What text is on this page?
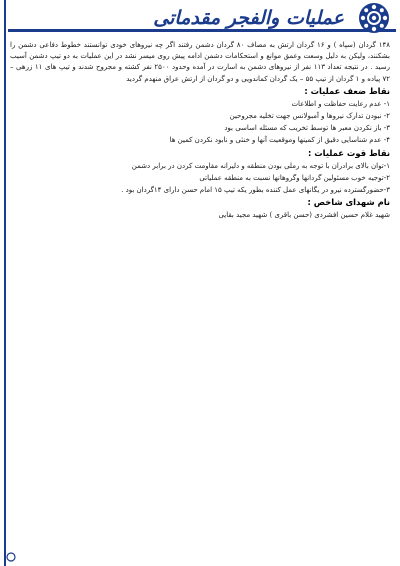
عملیات والفجر مقدماتی

۱۴۸ گردان (سپاه ) و ۱۶ گردان ارتش به مصاف ۸۰ گردان دشمن رفتند اگر چه نیروهای خودی توانستند خطوط دفاعی دشمن را بشکنند، ولیکن به دلیل وسعت وعمق موانع و استحکامات دشمن ادامه پیش روی میسر نشد در این عملیات به دو تیپ دشمن آسیب رسید . در نتیجه تعداد ۱۱۳ نفر از نیروهای دشمن به اسارت در آمده وحدود ۲۵۰۰ نفر کشته و مجروح شدند و تیپ های ۱۱ زرهی – ۷۲ پیاده و ۱ گردان از تیپ ۵۵ – یک گردان کماندویی و دو گردان از ارتش عراق منهدم گردید

نقاط ضعف عملیات :
۱- عدم رعایت حفاظت و اطلاعات
۲- نبودن تدارک نیروها و آمبولانس جهت تخلیه مجروحین
۳- باز نکردن معبر ها توسط تخریب که مسئله اساسی بود
۴- عدم شناسایی دقیق از کمینها وموقعیت آنها و خنثی و نابود نکردن کمین ها
نقاط قوت عملیات :
۱-توان بالای برادران با توجه به رملی بودن منطقه و دلیرانه مقاومت کردن در برابر دشمن
۲-توجیه خوب مسئولین گردانها وگروهانها نسبت به منطقه عملیاتی
۳-حضورگسترده نیرو در یگانهای عمل کننده بطور یکه تیپ ۱۵ امام حسن دارای ۱۴گردان بود .
نام شهدای شاخص :
شهید غلام حسین افشردی (حسن باقری ) شهید مجید بقایی
